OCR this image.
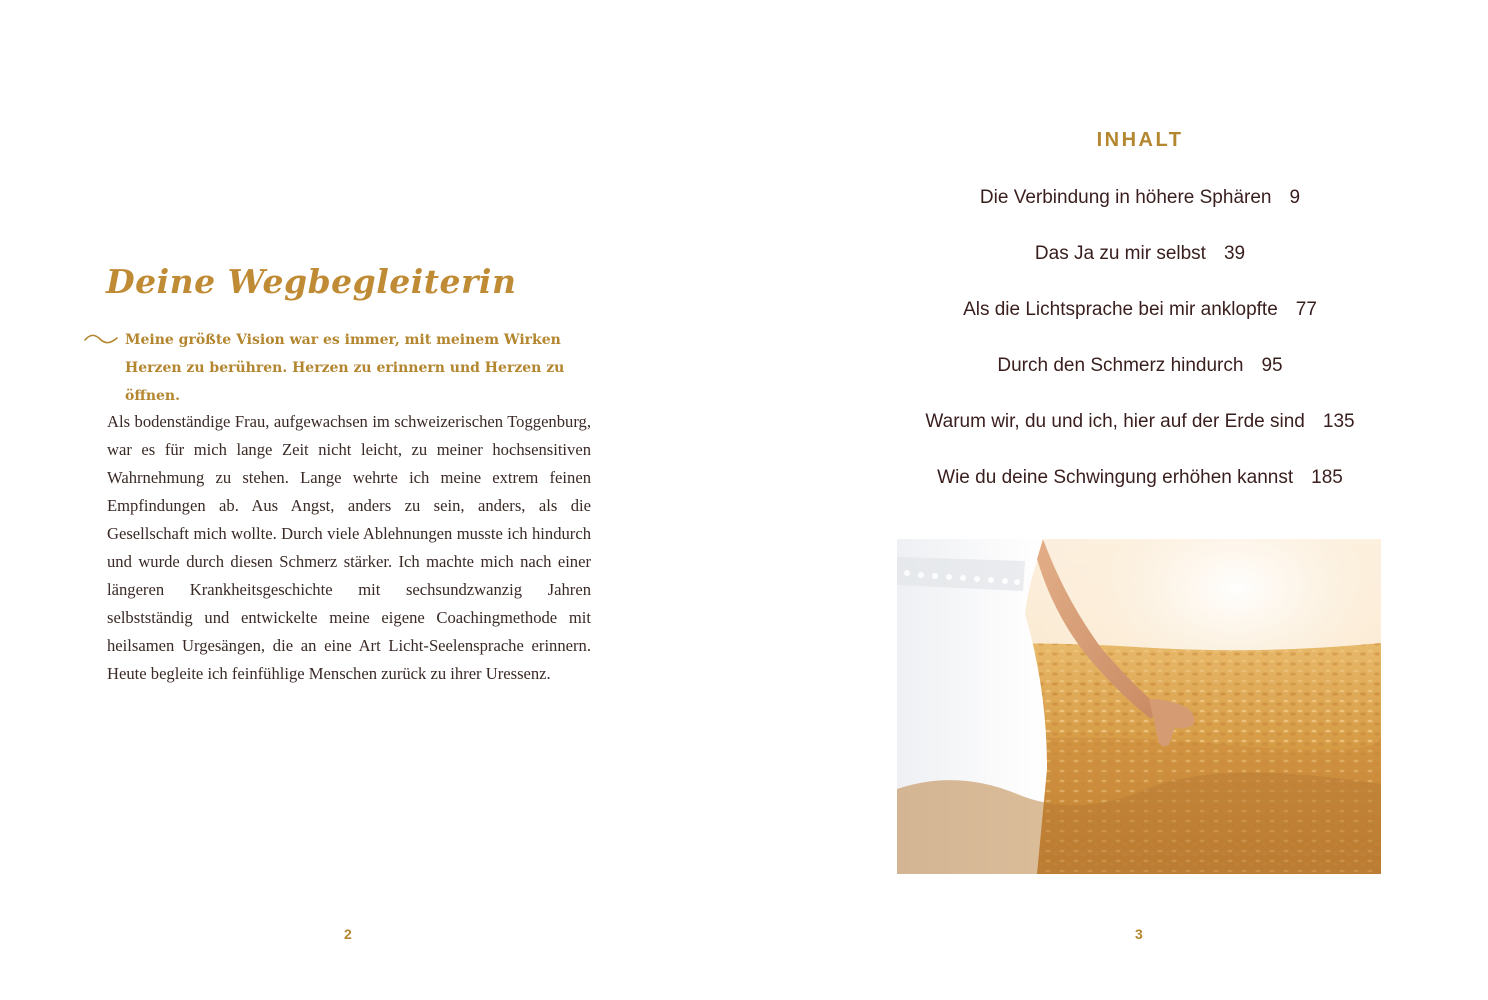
Deine Wegbegleiterin

Meine größte Vision war es immer, mit meinem Wirken Herzen zu berühren. Herzen zu erinnern und Herzen zu öffnen.

Als bodenständige Frau, aufgewachsen im schweizerischen Toggenburg, war es für mich lange Zeit nicht leicht, zu meiner hochsensitiven Wahrnehmung zu stehen. Lange wehrte ich meine extrem feinen Empfindungen ab. Aus Angst, anders zu sein, anders, als die Gesellschaft mich wollte. Durch viele Ablehnungen musste ich hindurch und wurde durch diesen Schmerz stärker. Ich machte mich nach einer längeren Krankheitsgeschichte mit sechsundzwanzig Jahren selbstständig und entwickelte meine eigene Coachingmethode mit heilsamen Urgesängen, die an eine Art Licht-Seelensprache erinnern. Heute begleite ich feinfühlige Menschen zurück zu ihrer Uressenz.

2
INHALT
Die Verbindung in höhere Sphären 9
Das Ja zu mir selbst 39
Als die Lichtsprache bei mir anklopfte 77
Durch den Schmerz hindurch 95
Warum wir, du und ich, hier auf der Erde sind 135
Wie du deine Schwingung erhöhen kannst 185
3
